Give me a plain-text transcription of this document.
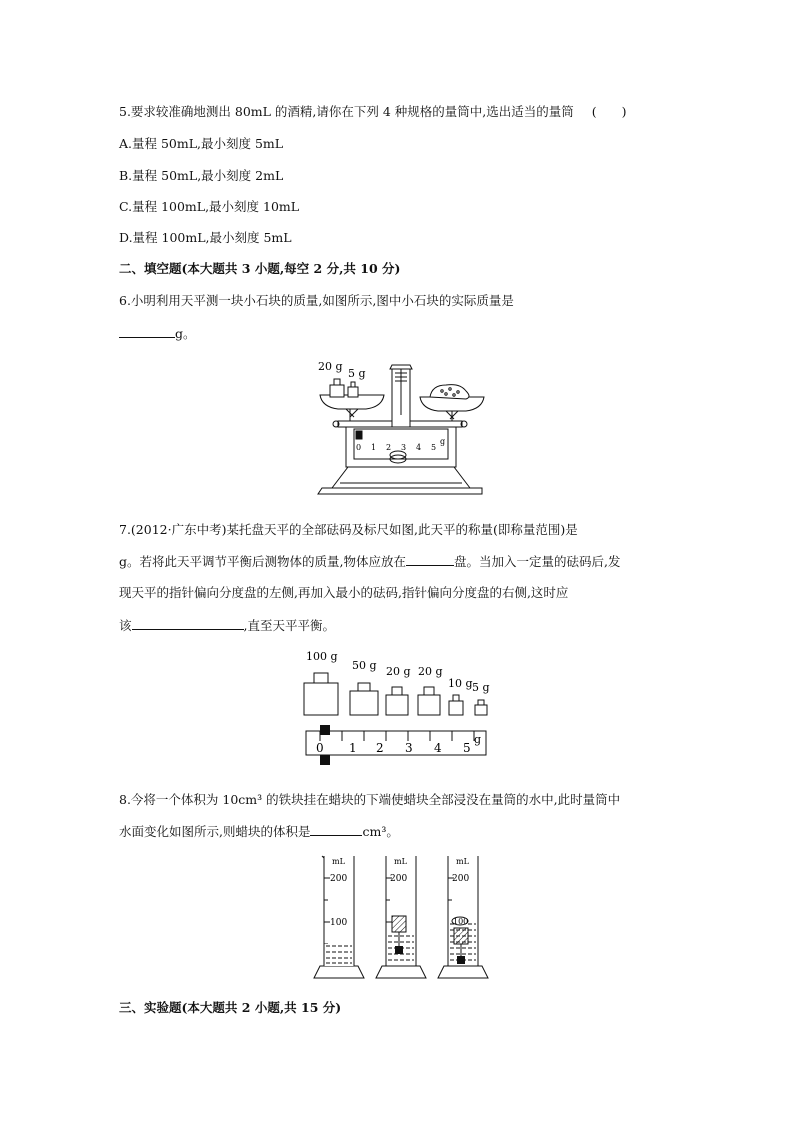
5.要求较准确地测出 80mL 的酒精,请你在下列 4 种规格的量筒中,选出适当的量筒 (　　)
A.量程 50mL,最小刻度 5mL
B.量程 50mL,最小刻度 2mL
C.量程 100mL,最小刻度 10mL
D.量程 100mL,最小刻度 5mL
二、填空题(本大题共 3 小题,每空 2 分,共 10 分)
6.小明利用天平测一块小石块的质量,如图所示,图中小石块的实际质量是
g。
20 g
5 g
0 1 2 3 4 5
g
7.(2012·广东中考)某托盘天平的全部砝码及标尺如图,此天平的称量(即称量范围)是
g。若将此天平调节平衡后测物体的质量,物体应放在	盘。当加入一定量的砝码后,发
现天平的指针偏向分度盘的左侧,再加入最小的砝码,指针偏向分度盘的右侧,这时应
该	,直至天平平衡。
100 g
50 g 20 g 20 g
10 g 5 g
0 1 2 3 4 5
g
8.今将一个体积为 10cm³ 的铁块挂在蜡块的下端使蜡块全部浸没在量筒的水中,此时量筒中
水面变化如图所示,则蜡块的体积是	cm³。
mL
200
100
mL
200
mL
200
100
三、实验题(本大题共 2 小题,共 15 分)
